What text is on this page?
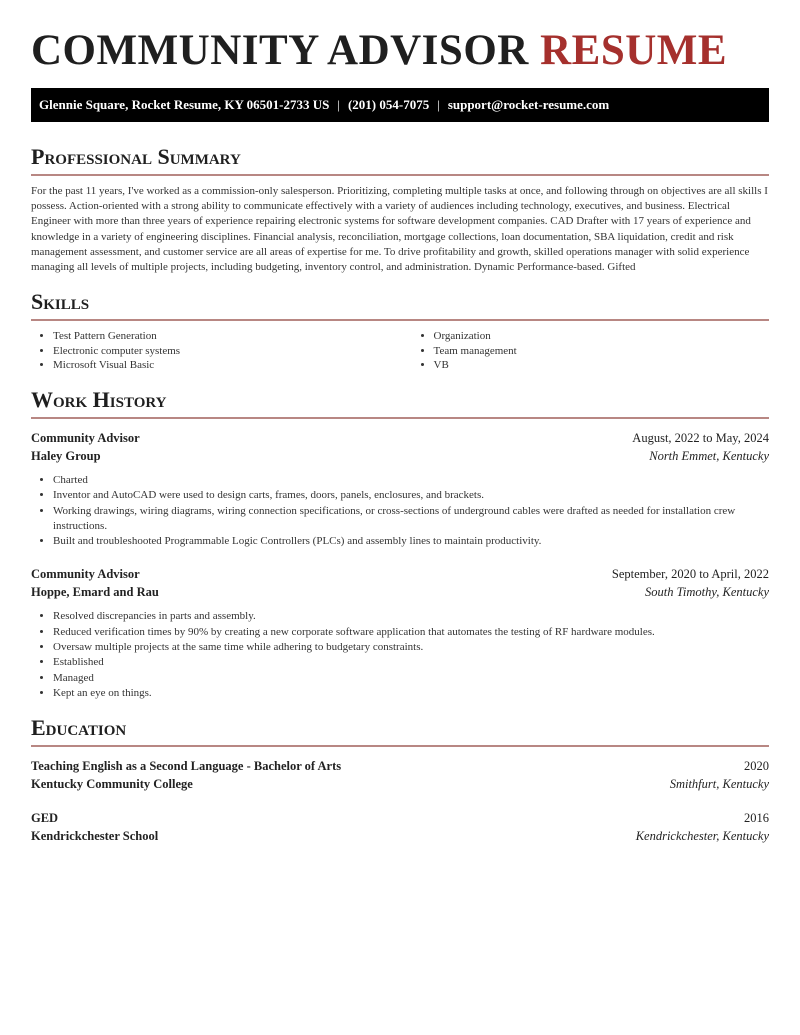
COMMUNITY ADVISOR RESUME
Glennie Square, Rocket Resume, KY 06501-2733 US | (201) 054-7075 | support@rocket-resume.com
Professional Summary

For the past 11 years, I've worked as a commission-only salesperson. Prioritizing, completing multiple tasks at once, and following through on objectives are all skills I possess. Action-oriented with a strong ability to communicate effectively with a variety of audiences including technology, executives, and business. Electrical Engineer with more than three years of experience repairing electronic systems for software development companies. CAD Drafter with 17 years of experience and knowledge in a variety of engineering disciplines. Financial analysis, reconciliation, mortgage collections, loan documentation, SBA liquidation, credit and risk management assessment, and customer service are all areas of expertise for me. To drive profitability and growth, skilled operations manager with solid experience managing all levels of multiple projects, including budgeting, inventory control, and administration. Dynamic Performance-based. Gifted

Skills
• Test Pattern Generation
• Electronic computer systems
• Microsoft Visual Basic
• Organization
• Team management
• VB
Work History
Community Advisor	August, 2022 to May, 2024
Haley Group	North Emmet, Kentucky
• Charted
• Inventor and AutoCAD were used to design carts, frames, doors, panels, enclosures, and brackets.
• Working drawings, wiring diagrams, wiring connection specifications, or cross-sections of underground cables were drafted as needed for installation crew instructions.
• Built and troubleshooted Programmable Logic Controllers (PLCs) and assembly lines to maintain productivity.
Community Advisor	September, 2020 to April, 2022
Hoppe, Emard and Rau	South Timothy, Kentucky
• Resolved discrepancies in parts and assembly.
• Reduced verification times by 90% by creating a new corporate software application that automates the testing of RF hardware modules.
• Oversaw multiple projects at the same time while adhering to budgetary constraints.
• Established
• Managed
• Kept an eye on things.
Education
Teaching English as a Second Language - Bachelor of Arts	2020
Kentucky Community College	Smithfurt, Kentucky
GED	2016
Kendrickchester School	Kendrickchester, Kentucky
